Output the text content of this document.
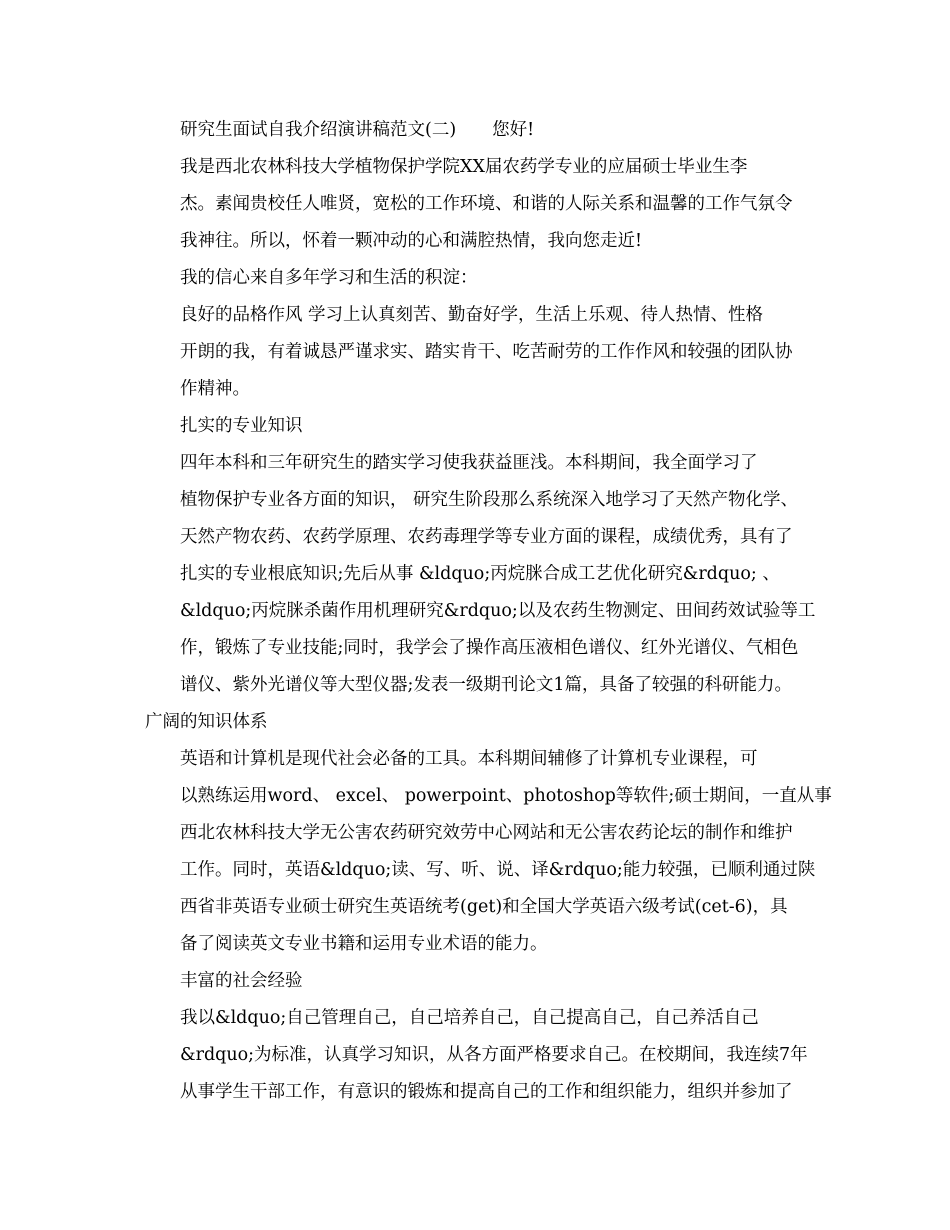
研究生面试自我介绍演讲稿范文(二) 您好!

我是西北农林科技大学植物保护学院XX届农药学专业的应届硕士毕业生李
杰。素闻贵校任人唯贤，宽松的工作环境、和谐的人际关系和温馨的工作气氛令
我神往。所以，怀着一颗冲动的心和满腔热情，我向您走近!

我的信心来自多年学习和生活的积淀：

良好的品格作风 学习上认真刻苦、勤奋好学，生活上乐观、待人热情、性格
开朗的我，有着诚恳严谨求实、踏实肯干、吃苦耐劳的工作作风和较强的团队协
作精神。

扎实的专业知识

四年本科和三年研究生的踏实学习使我获益匪浅。本科期间，我全面学习了
植物保护专业各方面的知识， 研究生阶段那么系统深入地学习了天然产物化学、
天然产物农药、农药学原理、农药毒理学等专业方面的课程，成绩优秀，具有了
扎实的专业根底知识;先后从事 &ldquo;丙烷脒合成工艺优化研究&rdquo; 、
&ldquo;丙烷脒杀菌作用机理研究&rdquo;以及农药生物测定、田间药效试验等工
作，锻炼了专业技能;同时，我学会了操作高压液相色谱仪、红外光谱仪、气相色
谱仪、紫外光谱仪等大型仪器;发表一级期刊论文1篇，具备了较强的科研能力。

广阔的知识体系

英语和计算机是现代社会必备的工具。本科期间辅修了计算机专业课程，可
以熟练运用word、 excel、 powerpoint、photoshop等软件;硕士期间，一直从事
西北农林科技大学无公害农药研究效劳中心网站和无公害农药论坛的制作和维护
工作。同时，英语&ldquo;读、写、听、说、译&rdquo;能力较强，已顺利通过陕
西省非英语专业硕士研究生英语统考(get)和全国大学英语六级考试(cet-6)，具
备了阅读英文专业书籍和运用专业术语的能力。

丰富的社会经验

我以&ldquo;自己管理自己，自己培养自己，自己提高自己，自己养活自己
&rdquo;为标准，认真学习知识，从各方面严格要求自己。在校期间，我连续7年
从事学生干部工作，有意识的锻炼和提高自己的工作和组织能力，组织并参加了
